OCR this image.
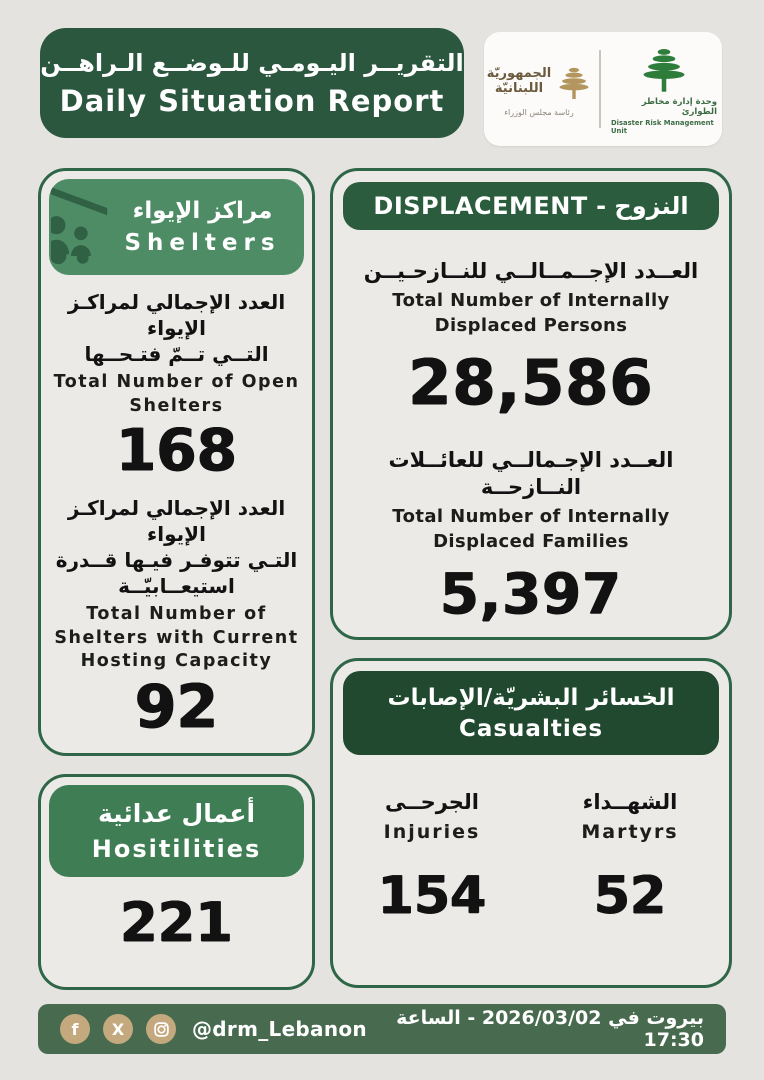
التقريــر اليـومـي للـوضــع الـراهــن
Daily Situation Report
الجمهوريّة
اللبنانيّة
رئاسة مجلس الوزراء
وحدة إدارة مخاطر الطوارئ
Disaster Risk Management Unit
مراكز الإيواء
Shelters
العدد الإجمالي لمراكـز الإيواء
التــي تــمّ فتـحــها
Total Number of Open Shelters
168
العدد الإجمالي لمراكـز الإيواء
التـي تتوفـر فيـها قــدرة
استيعــابيّــة
Total Number of Shelters with Current Hosting Capacity
92
أعمال عدائية
Hositilities
221
النزوح - DISPLACEMENT
العــدد الإجــمــالــي للنــازحـيــن
Total Number of Internally Displaced Persons
28,586
العــدد الإجـمالــي للعائــلات النــازحــة
Total Number of Internally Displaced Families
5,397
الخسائر البشريّة/الإصابات
Casualties
الجرحــى
Injuries
154
الشهــداء
Martyrs
52
f	X	@drm_Lebanon	بيروت في 2026/03/02 - الساعة 17:30
